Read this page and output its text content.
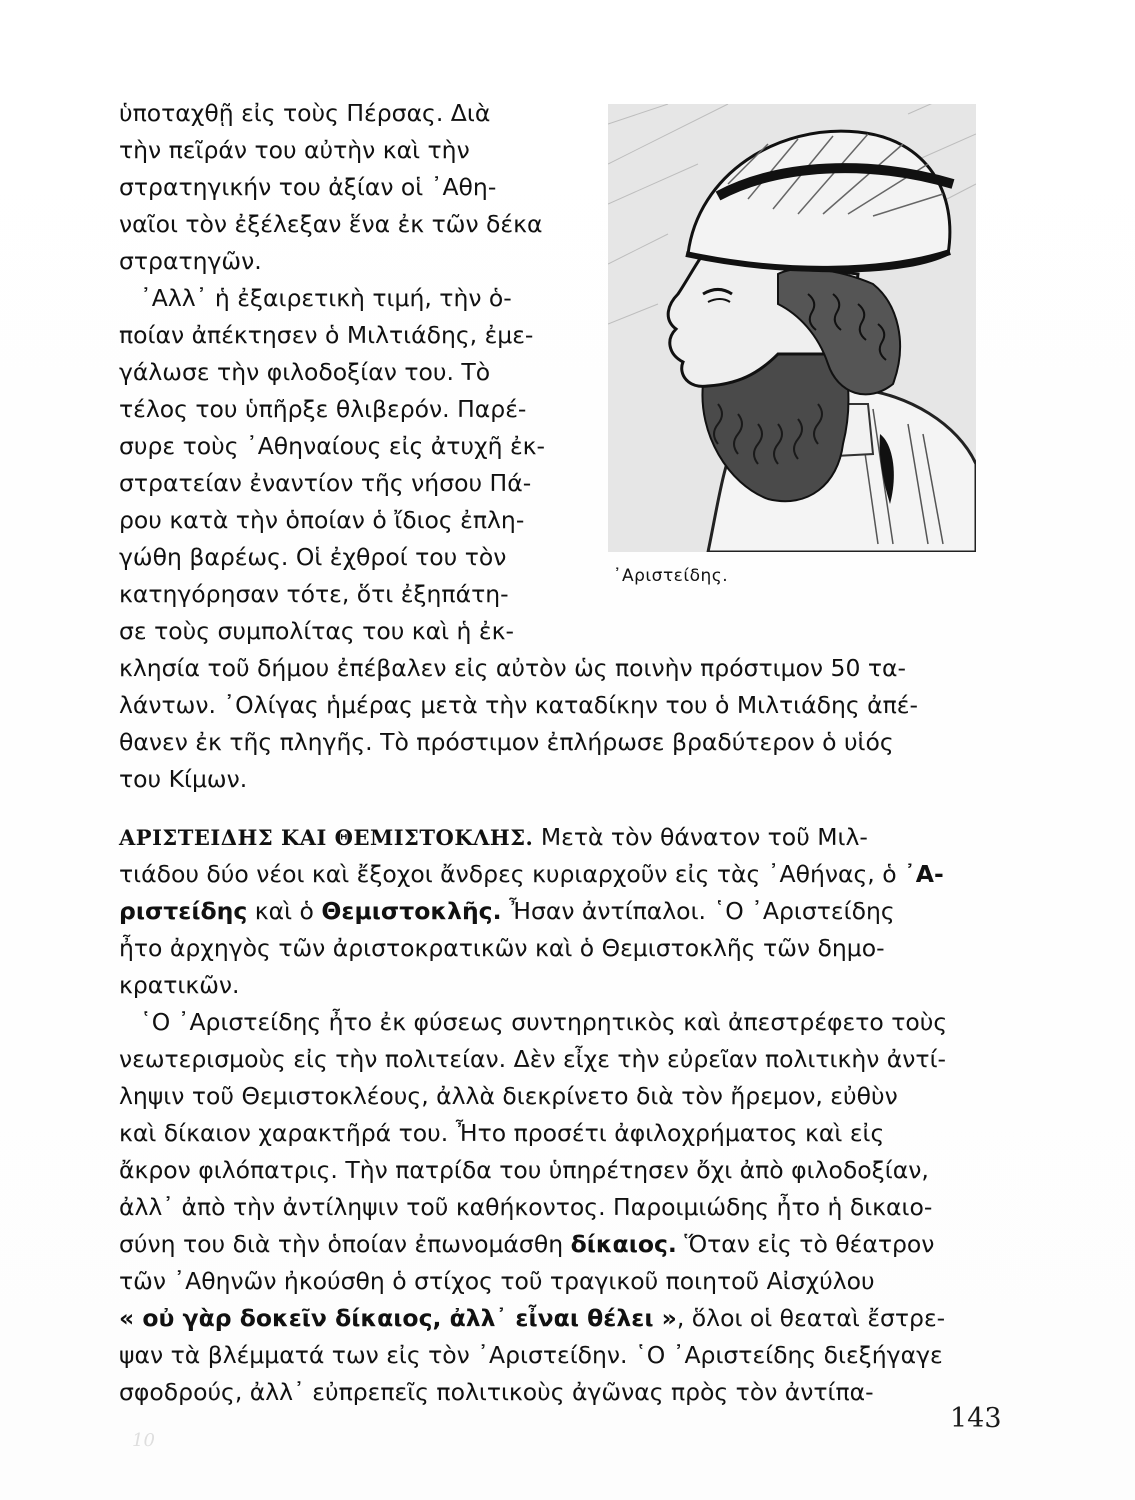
ὑποταχθῇ εἰς τοὺς Πέρσας. Διὰ
τὴν πεῖράν του αὐτὴν καὶ τὴν
στρατηγικήν του ἀξίαν οἱ ᾿Αθη-
ναῖοι τὸν ἐξέλεξαν ἕνα ἐκ τῶν δέκα
στρατηγῶν.
᾿Αλλ᾿ ἡ ἐξαιρετικὴ τιμή, τὴν ὁ-
ποίαν ἀπέκτησεν ὁ Μιλτιάδης, ἐμε-
γάλωσε τὴν φιλοδοξίαν του. Τὸ
τέλος του ὑπῆρξε θλιβερόν. Παρέ-
συρε τοὺς ᾿Αθηναίους εἰς ἀτυχῆ ἐκ-
στρατείαν ἐναντίον τῆς νήσου Πά-
ρου κατὰ τὴν ὁποίαν ὁ ἴδιος ἐπλη-
γώθη βαρέως. Οἱ ἐχθροί του τὸν
κατηγόρησαν τότε, ὅτι ἐξηπάτη-
σε τοὺς συμπολίτας του καὶ ἡ ἐκ-
᾿Αριστείδης.
κλησία τοῦ δήμου ἐπέβαλεν εἰς αὐτὸν ὡς ποινὴν πρόστιμον 50 τα-
λάντων. ᾿Ολίγας ἡμέρας μετὰ τὴν καταδίκην του ὁ Μιλτιάδης ἀπέ-
θανεν ἐκ τῆς πληγῆς. Τὸ πρόστιμον ἐπλήρωσε βραδύτερον ὁ υἱός
του Κίμων.
ΑΡΙΣΤΕΙΔΗΣ ΚΑΙ ΘΕΜΙΣΤΟΚΛΗΣ. Μετὰ τὸν θάνατον τοῦ Μιλ-
τιάδου δύο νέοι καὶ ἔξοχοι ἄνδρες κυριαρχοῦν εἰς τὰς ᾿Αθήνας, ὁ ᾿Α-
ριστείδης καὶ ὁ Θεμιστοκλῆς. Ἦσαν ἀντίπαλοι. ῾Ο ᾿Αριστείδης
ἦτο ἀρχηγὸς τῶν ἀριστοκρατικῶν καὶ ὁ Θεμιστοκλῆς τῶν δημο-
κρατικῶν.
῾Ο ᾿Αριστείδης ἦτο ἐκ φύσεως συντηρητικὸς καὶ ἀπεστρέφετο τοὺς
νεωτερισμοὺς εἰς τὴν πολιτείαν. Δὲν εἶχε τὴν εὐρεῖαν πολιτικὴν ἀντί-
ληψιν τοῦ Θεμιστοκλέους, ἀλλὰ διεκρίνετο διὰ τὸν ἤρεμον, εὐθὺν
καὶ δίκαιον χαρακτῆρά του. Ἦτο προσέτι ἀφιλοχρήματος καὶ εἰς
ἄκρον φιλόπατρις. Τὴν πατρίδα του ὑπηρέτησεν ὄχι ἀπὸ φιλοδοξίαν,
ἀλλ᾿ ἀπὸ τὴν ἀντίληψιν τοῦ καθήκοντος. Παροιμιώδης ἦτο ἡ δικαιο-
σύνη του διὰ τὴν ὁποίαν ἐπωνομάσθη δίκαιος. Ὅταν εἰς τὸ θέατρον
τῶν ᾿Αθηνῶν ἠκούσθη ὁ στίχος τοῦ τραγικοῦ ποιητοῦ Αἰσχύλου
« οὐ γὰρ δοκεῖν δίκαιος, ἀλλ᾿ εἶναι θέλει », ὅλοι οἱ θεαταὶ ἔστρε-
ψαν τὰ βλέμματά των εἰς τὸν ᾿Αριστείδην. ῾Ο ᾿Αριστείδης διεξήγαγε
σφοδρούς, ἀλλ᾿ εὐπρεπεῖς πολιτικοὺς ἀγῶνας πρὸς τὸν ἀντίπα-
10
143
